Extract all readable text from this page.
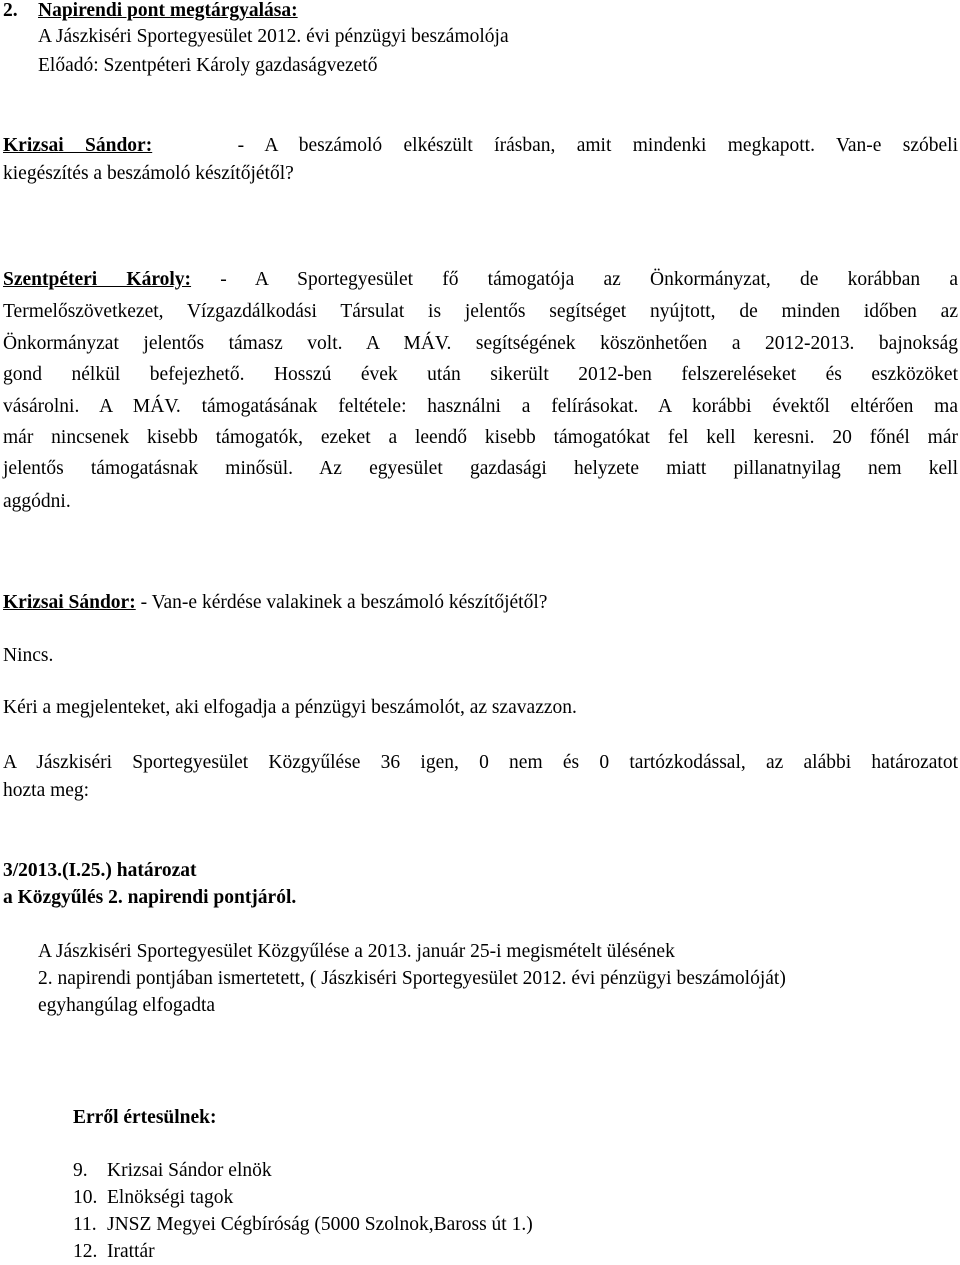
2. Napirendi pont megtárgyalása:
A Jászkiséri Sportegyesület 2012. évi pénzügyi beszámolója
Előadó: Szentpéteri Károly gazdaságvezető
Krizsai Sándor:	- A beszámoló elkészült írásban, amit mindenki megkapott. Van-e szóbeli
kiegészítés a beszámoló készítőjétől?
Szentpéteri Károly: - A Sportegyesület fő támogatója az Önkormányzat, de korábban a
Termelőszövetkezet, Vízgazdálkodási Társulat is jelentős segítséget nyújtott, de minden időben az
Önkormányzat jelentős támasz volt. A MÁV. segítségének köszönhetően a 2012-2013. bajnokság
gond nélkül befejezhető. Hosszú évek után sikerült 2012-ben felszereléseket és eszközöket
vásárolni. A MÁV. támogatásának feltétele: használni a felírásokat. A korábbi évektől eltérően ma
már nincsenek kisebb támogatók, ezeket a leendő kisebb támogatókat fel kell keresni. 20 főnél már
jelentős támogatásnak minősül. Az egyesület gazdasági helyzete miatt pillanatnyilag nem kell
aggódni.
Krizsai Sándor: - Van-e kérdése valakinek a beszámoló készítőjétől?
Nincs.
Kéri a megjelenteket, aki elfogadja a pénzügyi beszámolót, az szavazzon.
A Jászkiséri Sportegyesület Közgyűlése 36 igen, 0 nem és 0 tartózkodással, az alábbi határozatot
hozta meg:
3/2013.(I.25.) határozat
a Közgyűlés 2. napirendi pontjáról.
A Jászkiséri Sportegyesület Közgyűlése a 2013. január 25-i megismételt ülésének
2. napirendi pontjában ismertetett, ( Jászkiséri Sportegyesület 2012. évi pénzügyi beszámolóját)
egyhangúlag elfogadta
Erről értesülnek:
9. Krizsai Sándor elnök
10. Elnökségi tagok
11. JNSZ Megyei Cégbíróság (5000 Szolnok,Baross út 1.)
12. Irattár
